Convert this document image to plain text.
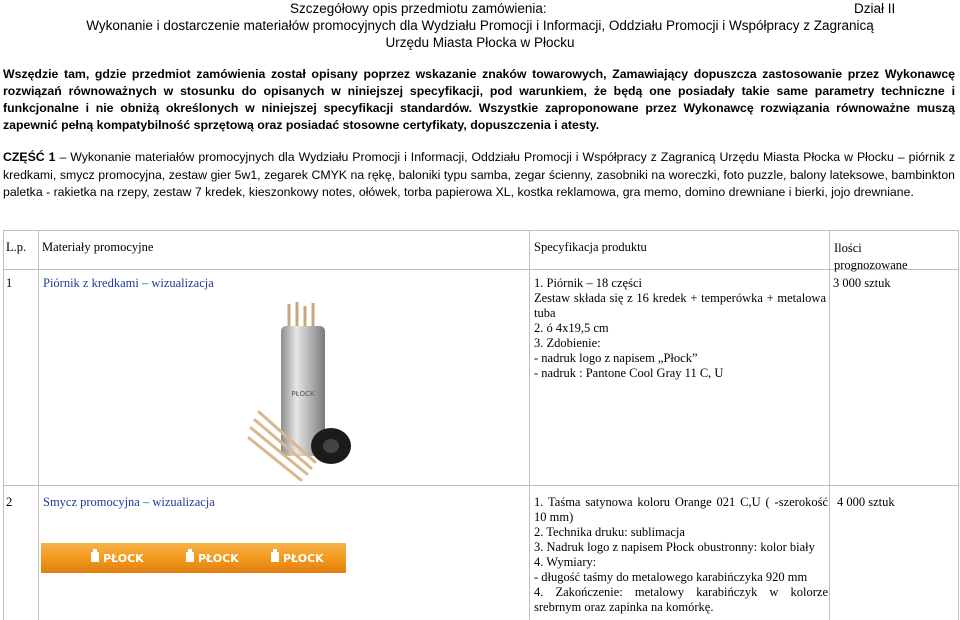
Szczegółowy opis przedmiotu zamówienia:	Dział II
Wykonanie i dostarczenie materiałów promocyjnych dla Wydziału Promocji i Informacji, Oddziału Promocji i Współpracy z Zagranicą
Urzędu Miasta Płocka w Płocku
Wszędzie tam, gdzie przedmiot zamówienia został opisany poprzez wskazanie znaków towarowych, Zamawiający dopuszcza zastosowanie przez Wykonawcę rozwiązań równoważnych w stosunku do opisanych w niniejszej specyfikacji, pod warunkiem, że będą one posiadały takie same parametry techniczne i funkcjonalne i nie obniżą określonych w niniejszej specyfikacji standardów. Wszystkie zaproponowane przez Wykonawcę rozwiązania równoważne muszą zapewnić pełną kompatybilność sprzętową oraz posiadać stosowne certyfikaty, dopuszczenia i atesty.
CZĘŚĆ 1 – Wykonanie materiałów promocyjnych dla Wydziału Promocji i Informacji, Oddziału Promocji i Współpracy z Zagranicą Urzędu Miasta Płocka w Płocku – piórnik z kredkami, smycz promocyjna, zestaw gier 5w1, zegarek CMYK na rękę, baloniki typu samba, zegar ścienny, zasobniki na woreczki, foto puzzle, balony lateksowe, bambinkton paletka - rakietka na rzepy, zestaw 7 kredek, kieszonkowy notes, ołówek, torba papierowa XL, kostka reklamowa, gra memo, domino drewniane i bierki, jojo drewniane.
L.p. Materiały promocyjne	Specyfikacja produktu	Ilości
prognozowane
1 Piórnik z kredkami – wizualizacja
PŁOCK
1. Piórnik – 18 części
Zestaw składa się z 16 kredek + temperówka + metalowa tuba
2. ó 4x19,5 cm
3. Zdobienie:
- nadruk logo z napisem „Płock”
- nadruk : Pantone Cool Gray 11 C, U
3 000 sztuk
2 Smycz promocyjna – wizualizacja
PŁOCK	PŁOCK	PŁOCK
1. Taśma satynowa koloru Orange 021 C,U ( -szerokość 10 mm)
2. Technika druku: sublimacja
3. Nadruk logo z napisem Płock obustronny: kolor biały
4. Wymiary:
- długość taśmy do metalowego karabińczyka 920 mm
4. Zakończenie: metalowy karabińczyk w kolorze srebrnym oraz zapinka na komórkę.
4 000 sztuk
